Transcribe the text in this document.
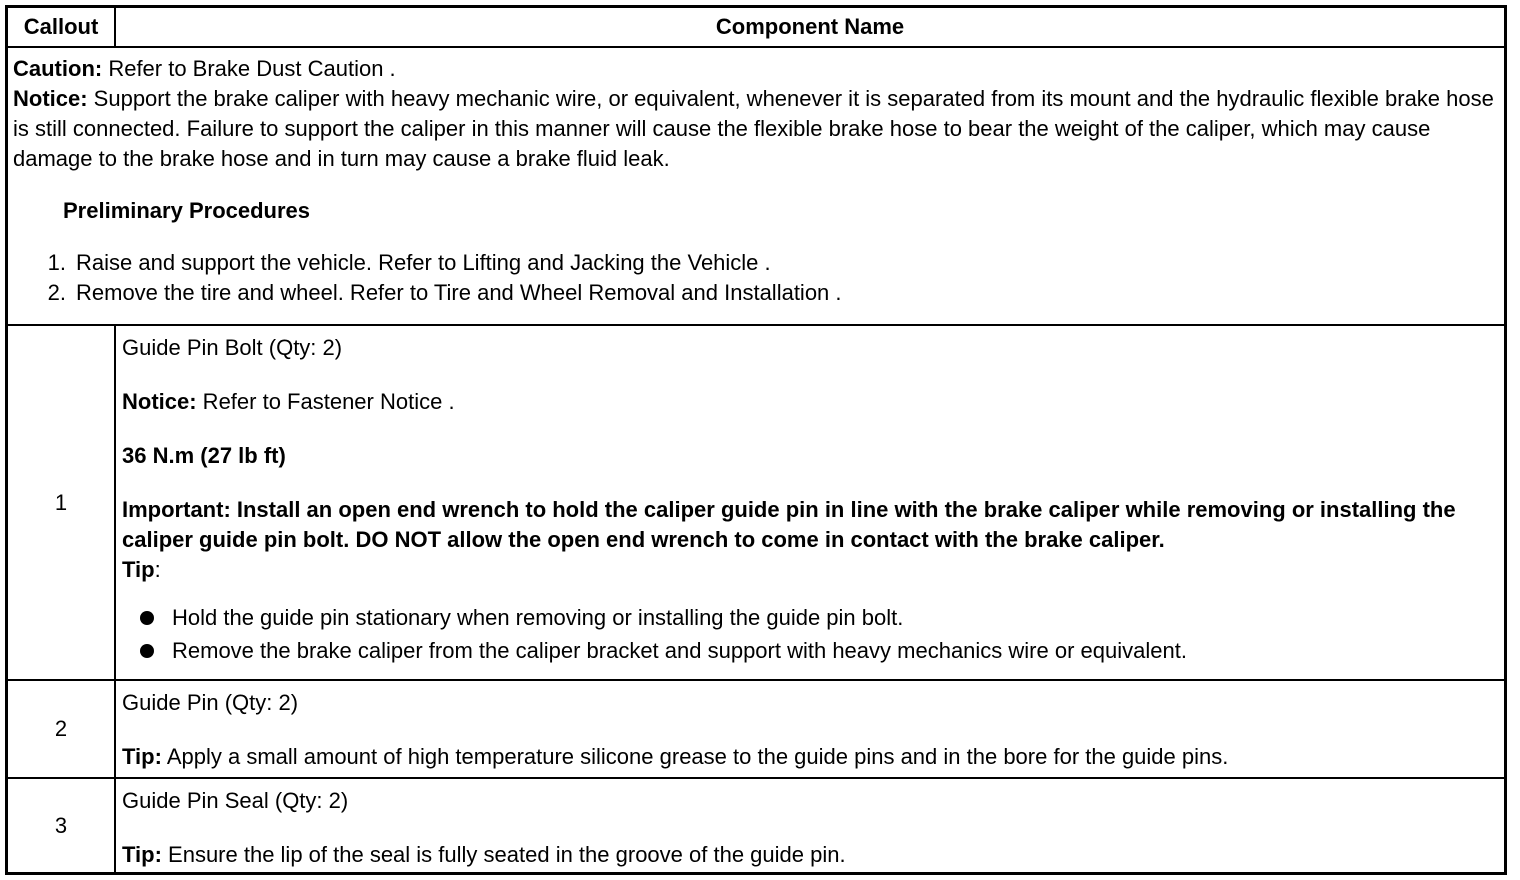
Callout	Component Name

Caution: Refer to Brake Dust Caution .

Notice: Support the brake caliper with heavy mechanic wire, or equivalent, whenever it is separated from its mount and the hydraulic flexible brake hose is still connected. Failure to support the caliper in this manner will cause the flexible brake hose to bear the weight of the caliper, which may cause damage to the brake hose and in turn may cause a brake fluid leak.

Preliminary Procedures
1. Raise and support the vehicle. Refer to Lifting and Jacking the Vehicle .
2. Remove the tire and wheel. Refer to Tire and Wheel Removal and Installation .
1

Guide Pin Bolt (Qty: 2)

Notice: Refer to Fastener Notice .

36 N.m (27 lb ft)

Important: Install an open end wrench to hold the caliper guide pin in line with the brake caliper while removing or installing the caliper guide pin bolt. DO NOT allow the open end wrench to come in contact with the brake caliper.

Tip:

Hold the guide pin stationary when removing or installing the guide pin bolt.
Remove the brake caliper from the caliper bracket and support with heavy mechanics wire or equivalent.
2

Guide Pin (Qty: 2)

Tip: Apply a small amount of high temperature silicone grease to the guide pins and in the bore for the guide pins.

3

Guide Pin Seal (Qty: 2)

Tip: Ensure the lip of the seal is fully seated in the groove of the guide pin.
